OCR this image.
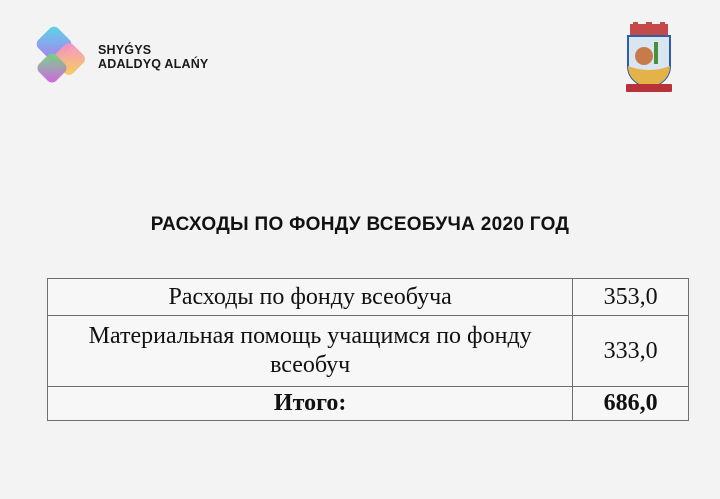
SHYǴYS
ADALDYQ ALAŃY
РАСХОДЫ ПО ФОНДУ ВСЕОБУЧА 2020 ГОД
Расходы по фонду всеобуча	353,0
Материальная помощь учащимся по фонду всеобуч	333,0
Итого:	686,0
